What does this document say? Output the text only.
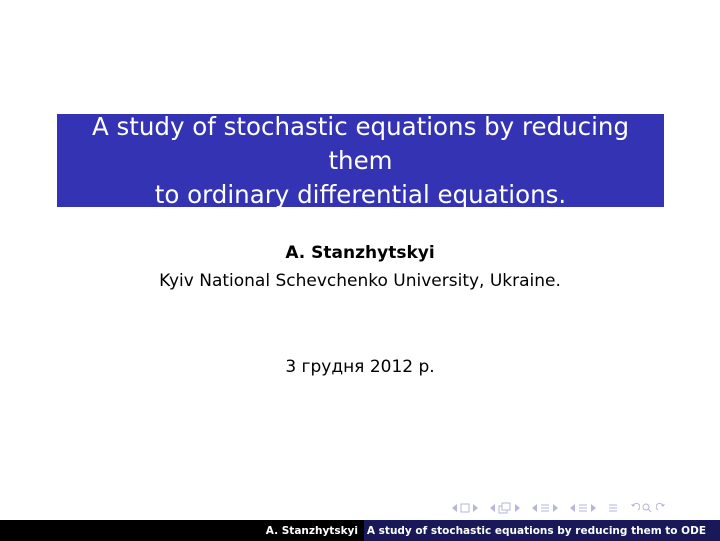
A study of stochastic equations by reducing them
to ordinary differential equations.
A. Stanzhytskyi
Kyiv National Schevchenko University, Ukraine.
3 грудня 2012 р.
A. Stanzhytskyi A study of stochastic equations by reducing them to ODE
